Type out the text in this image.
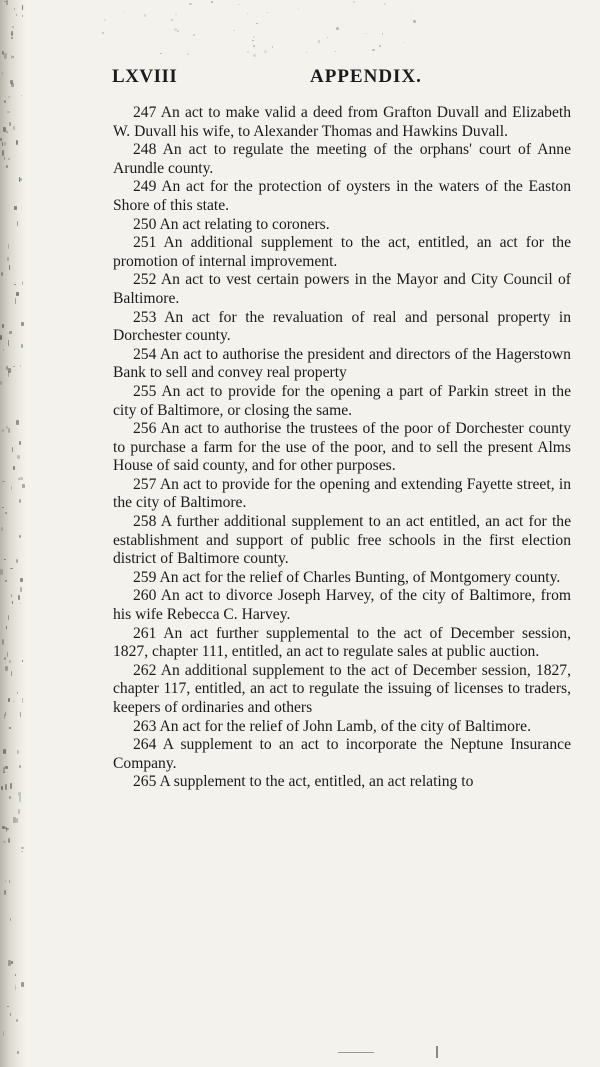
LXVIII	APPENDIX.

247 An act to make valid a deed from Grafton Duvall and Elizabeth W. Duvall his wife, to Alexander Thomas and Hawkins Duvall.

248 An act to regulate the meeting of the orphans' court of Anne Arundle county.

249 An act for the protection of oysters in the waters of the Easton Shore of this state.

250 An act relating to coroners.

251 An additional supplement to the act, entitled, an act for the promotion of internal improvement.

252 An act to vest certain powers in the Mayor and City Council of Baltimore.

253 An act for the revaluation of real and personal property in Dorchester county.

254 An act to authorise the president and directors of the Hagerstown Bank to sell and convey real property

255 An act to provide for the opening a part of Parkin street in the city of Baltimore, or closing the same.

256 An act to authorise the trustees of the poor of Dorchester county to purchase a farm for the use of the poor, and to sell the present Alms House of said county, and for other purposes.

257 An act to provide for the opening and extending Fayette street, in the city of Baltimore.

258 A further additional supplement to an act entitled, an act for the establishment and support of public free schools in the first election district of Baltimore county.

259 An act for the relief of Charles Bunting, of Montgomery county.

260 An act to divorce Joseph Harvey, of the city of Baltimore, from his wife Rebecca C. Harvey.

261 An act further supplemental to the act of December session, 1827, chapter 111, entitled, an act to regulate sales at public auction.

262 An additional supplement to the act of December session, 1827, chapter 117, entitled, an act to regulate the issuing of licenses to traders, keepers of ordinaries and others

263 An act for the relief of John Lamb, of the city of Baltimore.

264 A supplement to an act to incorporate the Neptune Insurance Company.

265 A supplement to the act, entitled, an act relating to
